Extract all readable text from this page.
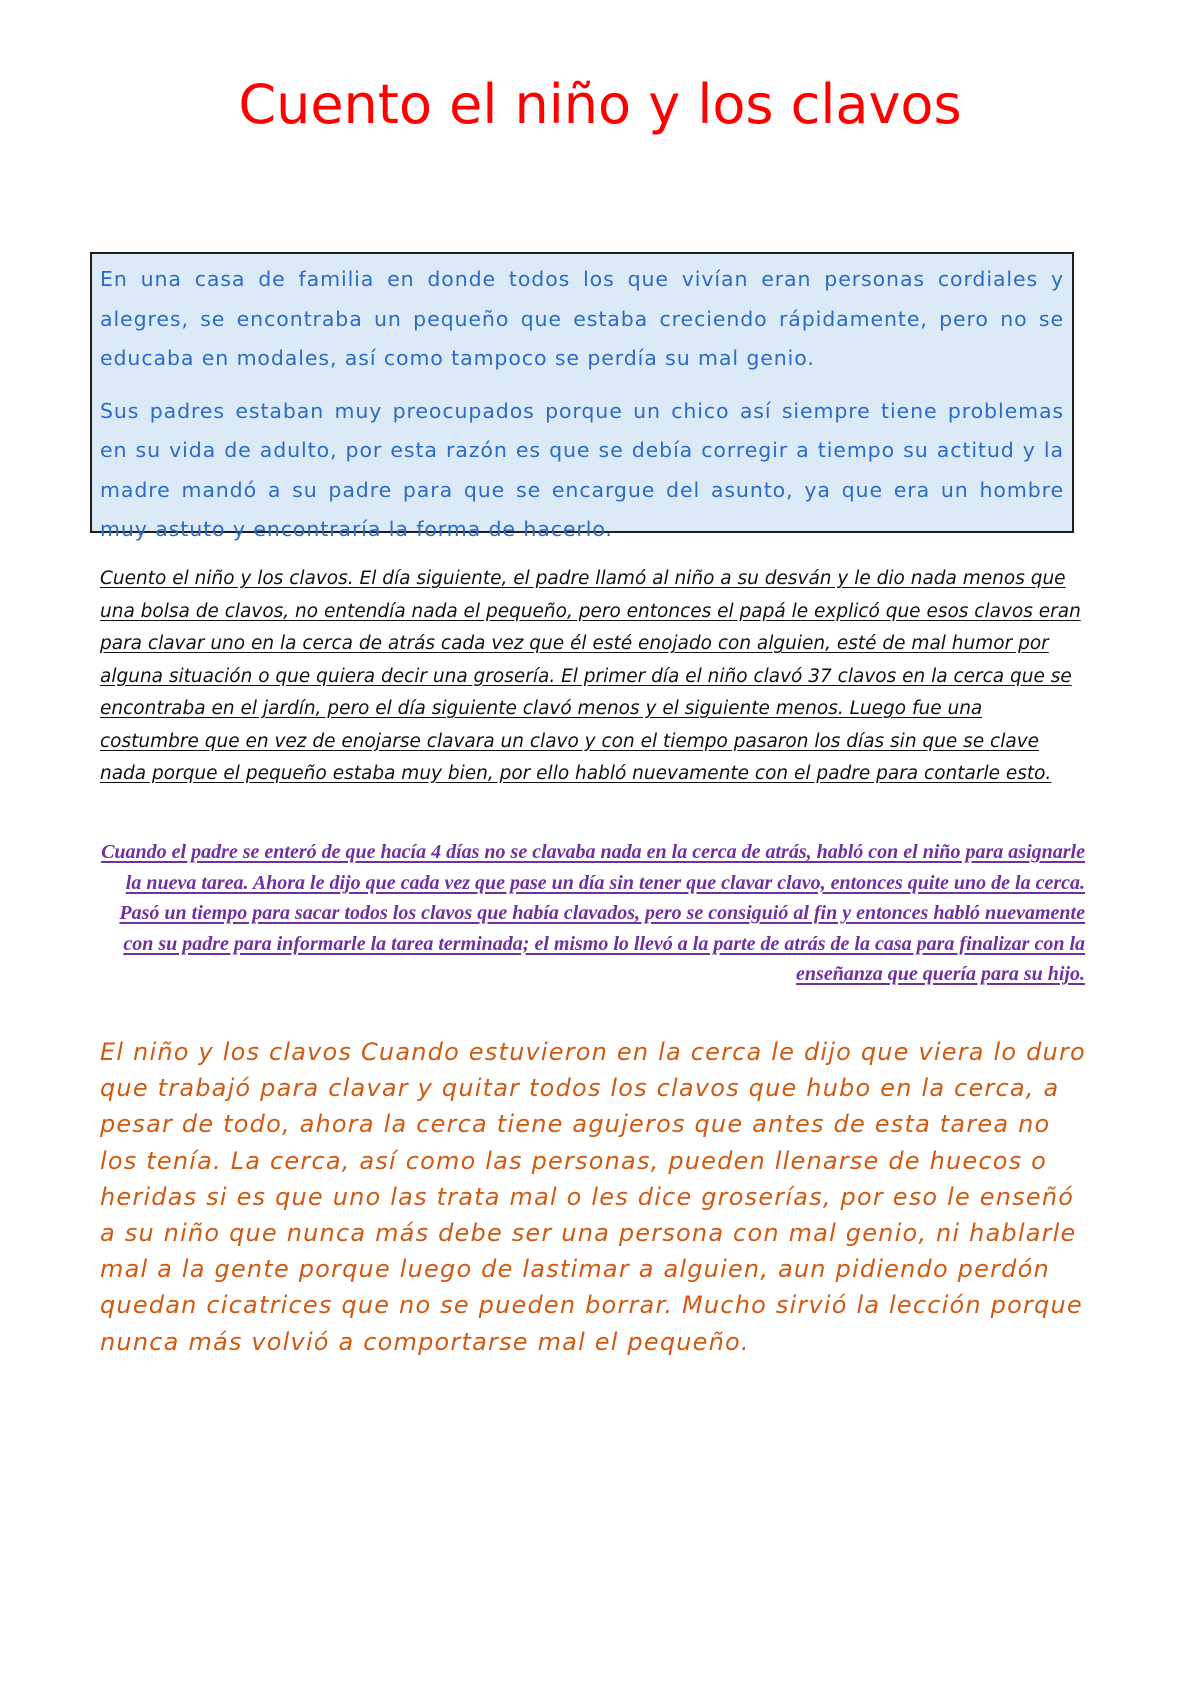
Cuento el niño y los clavos

En una casa de familia en donde todos los que vivían eran personas cordiales y alegres, se encontraba un pequeño que estaba creciendo rápidamente, pero no se educaba en modales, así como tampoco se perdía su mal genio.

Sus padres estaban muy preocupados porque un chico así siempre tiene problemas en su vida de adulto, por esta razón es que se debía corregir a tiempo su actitud y la madre mandó a su padre para que se encargue del asunto, ya que era un hombre muy astuto y encontraría la forma de hacerlo.

Cuento el niño y los clavos. El día siguiente, el padre llamó al niño a su desván y le dio nada menos que una bolsa de clavos, no entendía nada el pequeño, pero entonces el papá le explicó que esos clavos eran para clavar uno en la cerca de atrás cada vez que él esté enojado con alguien, esté de mal humor por alguna situación o que quiera decir una grosería. El primer día el niño clavó 37 clavos en la cerca que se encontraba en el jardín, pero el día siguiente clavó menos y el siguiente menos. Luego fue una costumbre que en vez de enojarse clavara un clavo y con el tiempo pasaron los días sin que se clave nada porque el pequeño estaba muy bien, por ello habló nuevamente con el padre para contarle esto.

Cuando el padre se enteró de que hacía 4 días no se clavaba nada en la cerca de atrás, habló con el niño para asignarle la nueva tarea. Ahora le dijo que cada vez que pase un día sin tener que clavar clavo, entonces quite uno de la cerca. Pasó un tiempo para sacar todos los clavos que había clavados, pero se consiguió al fin y entonces habló nuevamente con su padre para informarle la tarea terminada; el mismo lo llevó a la parte de atrás de la casa para finalizar con la enseñanza que quería para su hijo.

El niño y los clavos Cuando estuvieron en la cerca le dijo que viera lo duro que trabajó para clavar y quitar todos los clavos que hubo en la cerca, a pesar de todo, ahora la cerca tiene agujeros que antes de esta tarea no los tenía. La cerca, así como las personas, pueden llenarse de huecos o heridas si es que uno las trata mal o les dice groserías, por eso le enseñó a su niño que nunca más debe ser una persona con mal genio, ni hablarle mal a la gente porque luego de lastimar a alguien, aun pidiendo perdón quedan cicatrices que no se pueden borrar. Mucho sirvió la lección porque nunca más volvió a comportarse mal el pequeño.
